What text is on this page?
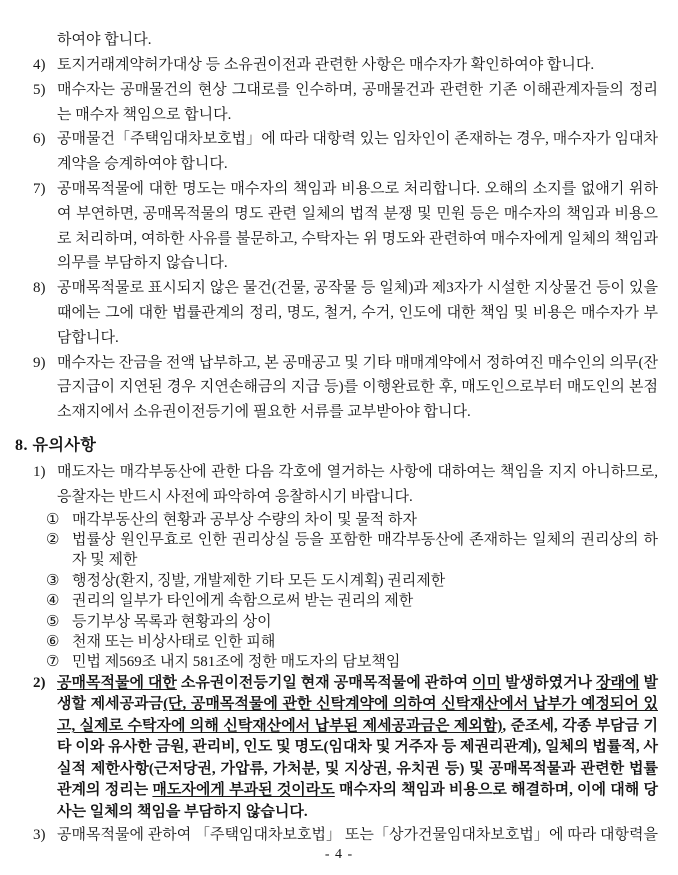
하여야 합니다.
4) 토지거래계약허가대상 등 소유권이전과 관련한 사항은 매수자가 확인하여야 합니다.
5) 매수자는 공매물건의 현상 그대로를 인수하며, 공매물건과 관련한 기존 이해관계자들의 정리는 매수자 책임으로 합니다.
6) 공매물건「주택임대차보호법」에 따라 대항력 있는 임차인이 존재하는 경우, 매수자가 임대차계약을 승계하여야 합니다.
7) 공매목적물에 대한 명도는 매수자의 책임과 비용으로 처리합니다. 오해의 소지를 없애기 위하여 부연하면, 공매목적물의 명도 관련 일체의 법적 분쟁 및 민원 등은 매수자의 책임과 비용으로 처리하며, 여하한 사유를 불문하고, 수탁자는 위 명도와 관련하여 매수자에게 일체의 책임과 의무를 부담하지 않습니다.
8) 공매목적물로 표시되지 않은 물건(건물, 공작물 등 일체)과 제3자가 시설한 지상물건 등이 있을 때에는 그에 대한 법률관계의 정리, 명도, 철거, 수거, 인도에 대한 책임 및 비용은 매수자가 부담합니다.
9) 매수자는 잔금을 전액 납부하고, 본 공매공고 및 기타 매매계약에서 정하여진 매수인의 의무(잔금지급이 지연된 경우 지연손해금의 지급 등)를 이행완료한 후, 매도인으로부터 매도인의 본점 소재지에서 소유권이전등기에 필요한 서류를 교부받아야 합니다.
8. 유의사항
1) 매도자는 매각부동산에 관한 다음 각호에 열거하는 사항에 대하여는 책임을 지지 아니하므로, 응찰자는 반드시 사전에 파악하여 응찰하시기 바랍니다.
① 매각부동산의 현황과 공부상 수량의 차이 및 물적 하자
② 법률상 원인무효로 인한 권리상실 등을 포함한 매각부동산에 존재하는 일체의 권리상의 하자 및 제한
③ 행정상(환지, 징발, 개발제한 기타 모든 도시계획) 권리제한
④ 권리의 일부가 타인에게 속함으로써 받는 권리의 제한
⑤ 등기부상 목록과 현황과의 상이
⑥ 천재 또는 비상사태로 인한 피해
⑦ 민법 제569조 내지 581조에 정한 매도자의 담보책임
2) 공매목적물에 대한 소유권이전등기일 현재 공매목적물에 관하여 이미 발생하였거나 장래에 발생할 제세공과금(단, 공매목적물에 관한 신탁계약에 의하여 신탁재산에서 납부가 예정되어 있고, 실제로 수탁자에 의해 신탁재산에서 납부된 제세공과금은 제외함), 준조세, 각종 부담금 기타 이와 유사한 금원, 관리비, 인도 및 명도(임대차 및 거주자 등 제권리관계), 일체의 법률적, 사실적 제한사항(근저당권, 가압류, 가처분, 및 지상권, 유치권 등) 및 공매목적물과 관련한 법률관계의 정리는 매도자에게 부과된 것이라도 매수자의 책임과 비용으로 해결하며, 이에 대해 당사는 일체의 책임을 부담하지 않습니다.
3) 공매목적물에 관하여 「주택임대차보호법」 또는「상가건물임대차보호법」에 따라 대항력을
- 4 -
